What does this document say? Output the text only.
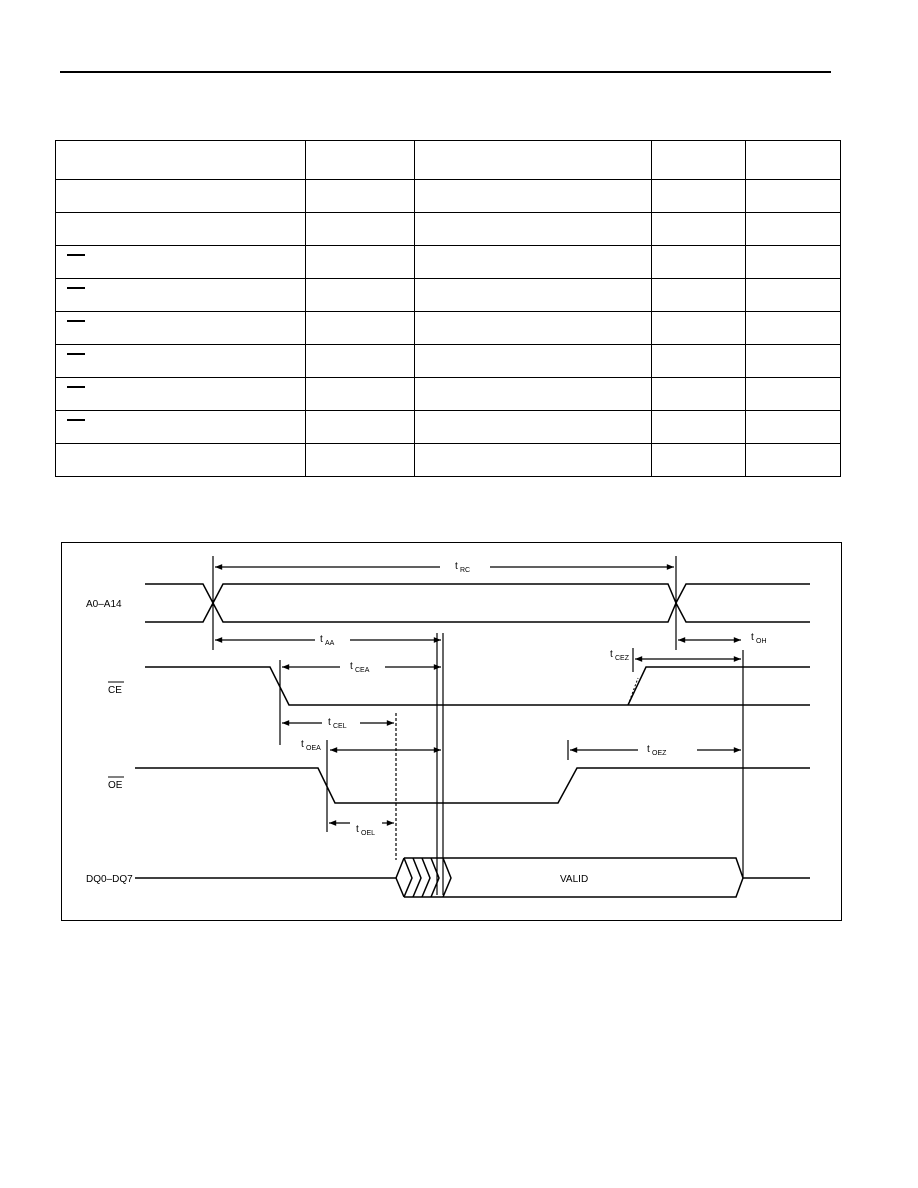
A0–A14
CE
OE
DQ0–DQ7	VALID
t RC
t AA
t CEA
t CEL
t OEA
t OEL
t CEZ
t OEZ
t OH
